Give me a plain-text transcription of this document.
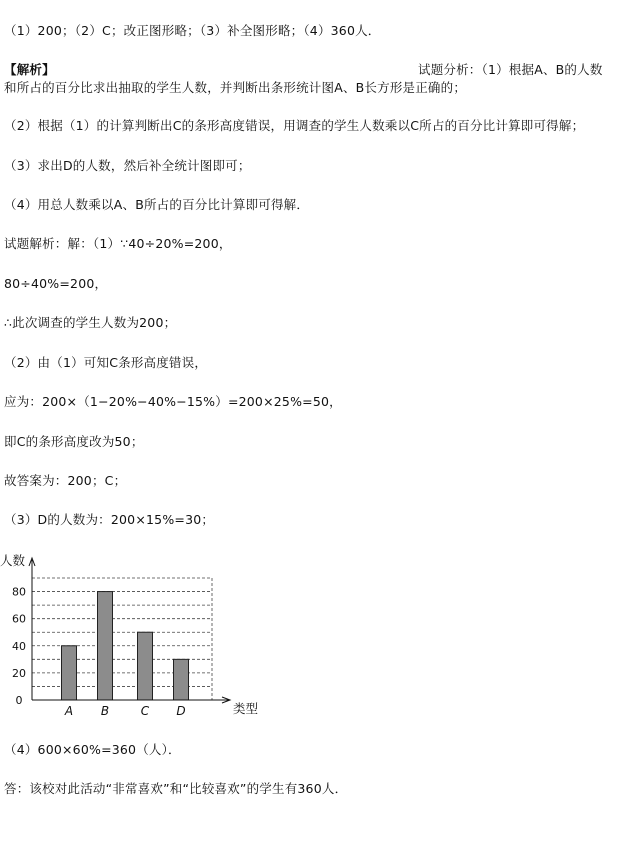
（1）200；（2）C；改正图形略；（3）补全图形略；（4）360人．
【解析】	试题分析：（1）根据A、B的人数
和所占的百分比求出抽取的学生人数，并判断出条形统计图A、B长方形是正确的；
（2）根据（1）的计算判断出C的条形高度错误，用调查的学生人数乘以C所占的百分比计算即可得解；
（3）求出D的人数，然后补全统计图即可；
（4）用总人数乘以A、B所占的百分比计算即可得解．
试题解析：解：（1）∵40÷20%=200，
80÷40%=200，
∴此次调查的学生人数为200；
（2）由（1）可知C条形高度错误，
应为：200×（1−20%−40%−15%）=200×25%=50，
即C的条形高度改为50；
故答案为：200；C；
（3）D的人数为：200×15%=30；
A B	C D
0
20
40
60
80
人数
类型
（4）600×60%=360（人）．
答：该校对此活动“非常喜欢”和“比较喜欢”的学生有360人．
